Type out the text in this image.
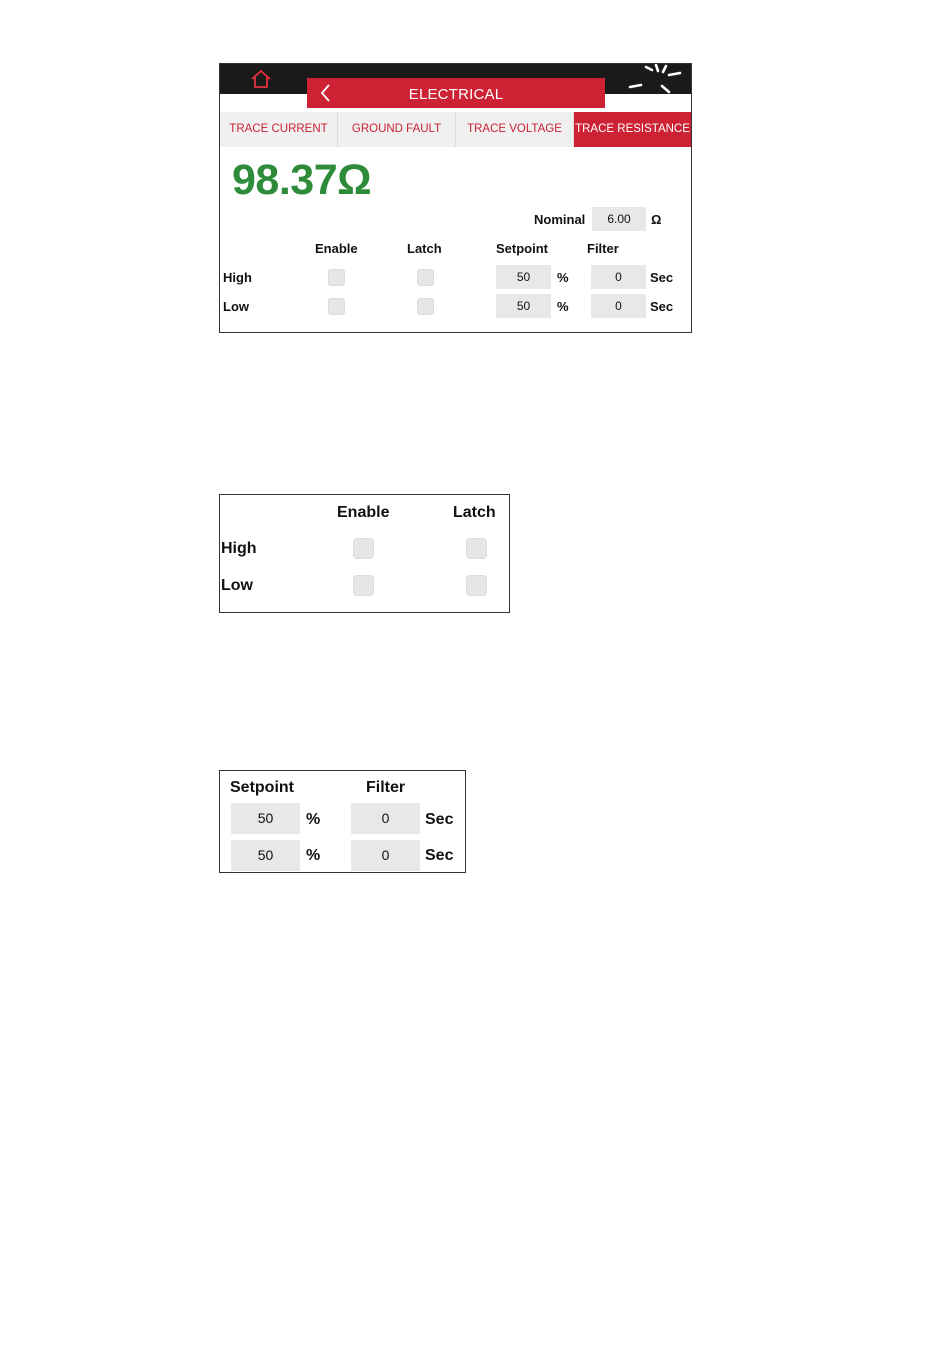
ELECTRICAL
TRACE CURRENT	GROUND FAULT	TRACE VOLTAGE	TRACE RESISTANCE
98.37Ω
Nominal	6.00	Ω
Enable	Latch	Setpoint	Filter
High	50	%	0	Sec
Low	50	%	0	Sec
Enable	Latch
High
Low
Setpoint	Filter
50	%	0	Sec
50	%	0	Sec
